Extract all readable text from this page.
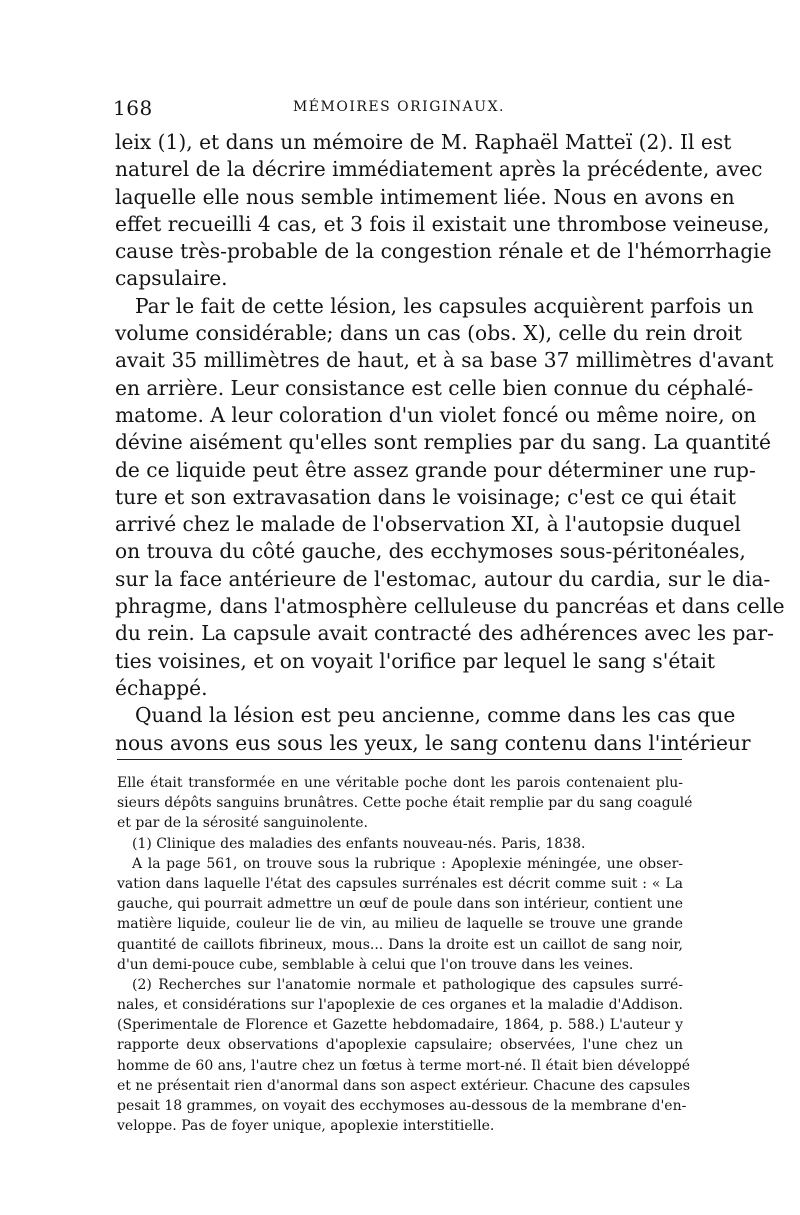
168	MÉMOIRES ORIGINAUX.
leix (1), et dans un mémoire de M. Raphaël Matteï (2). Il est
naturel de la décrire immédiatement après la précédente, avec
laquelle elle nous semble intimement liée. Nous en avons en
effet recueilli 4 cas, et 3 fois il existait une thrombose veineuse,
cause très-probable de la congestion rénale et de l'hémorrhagie
capsulaire.
Par le fait de cette lésion, les capsules acquièrent parfois un
volume considérable; dans un cas (obs. X), celle du rein droit
avait 35 millimètres de haut, et à sa base 37 millimètres d'avant
en arrière. Leur consistance est celle bien connue du céphalé-
matome. A leur coloration d'un violet foncé ou même noire, on
dévine aisément qu'elles sont remplies par du sang. La quantité
de ce liquide peut être assez grande pour déterminer une rup-
ture et son extravasation dans le voisinage; c'est ce qui était
arrivé chez le malade de l'observation XI, à l'autopsie duquel
on trouva du côté gauche, des ecchymoses sous-péritonéales,
sur la face antérieure de l'estomac, autour du cardia, sur le dia-
phragme, dans l'atmosphère celluleuse du pancréas et dans celle
du rein. La capsule avait contracté des adhérences avec les par-
ties voisines, et on voyait l'orifice par lequel le sang s'était
échappé.
Quand la lésion est peu ancienne, comme dans les cas que
nous avons eus sous les yeux, le sang contenu dans l'intérieur
Elle était transformée en une véritable poche dont les parois contenaient plu-
sieurs dépôts sanguins brunâtres. Cette poche était remplie par du sang coagulé
et par de la sérosité sanguinolente.
(1) Clinique des maladies des enfants nouveau-nés. Paris, 1838.
A la page 561, on trouve sous la rubrique : Apoplexie méningée, une obser-
vation dans laquelle l'état des capsules surrénales est décrit comme suit : « La
gauche, qui pourrait admettre un œuf de poule dans son intérieur, contient une
matière liquide, couleur lie de vin, au milieu de laquelle se trouve une grande
quantité de caillots fibrineux, mous... Dans la droite est un caillot de sang noir,
d'un demi-pouce cube, semblable à celui que l'on trouve dans les veines.
(2) Recherches sur l'anatomie normale et pathologique des capsules surré-
nales, et considérations sur l'apoplexie de ces organes et la maladie d'Addison.
(Sperimentale de Florence et Gazette hebdomadaire, 1864, p. 588.) L'auteur y
rapporte deux observations d'apoplexie capsulaire; observées, l'une chez un
homme de 60 ans, l'autre chez un fœtus à terme mort-né. Il était bien développé
et ne présentait rien d'anormal dans son aspect extérieur. Chacune des capsules
pesait 18 grammes, on voyait des ecchymoses au-dessous de la membrane d'en-
veloppe. Pas de foyer unique, apoplexie interstitielle.
